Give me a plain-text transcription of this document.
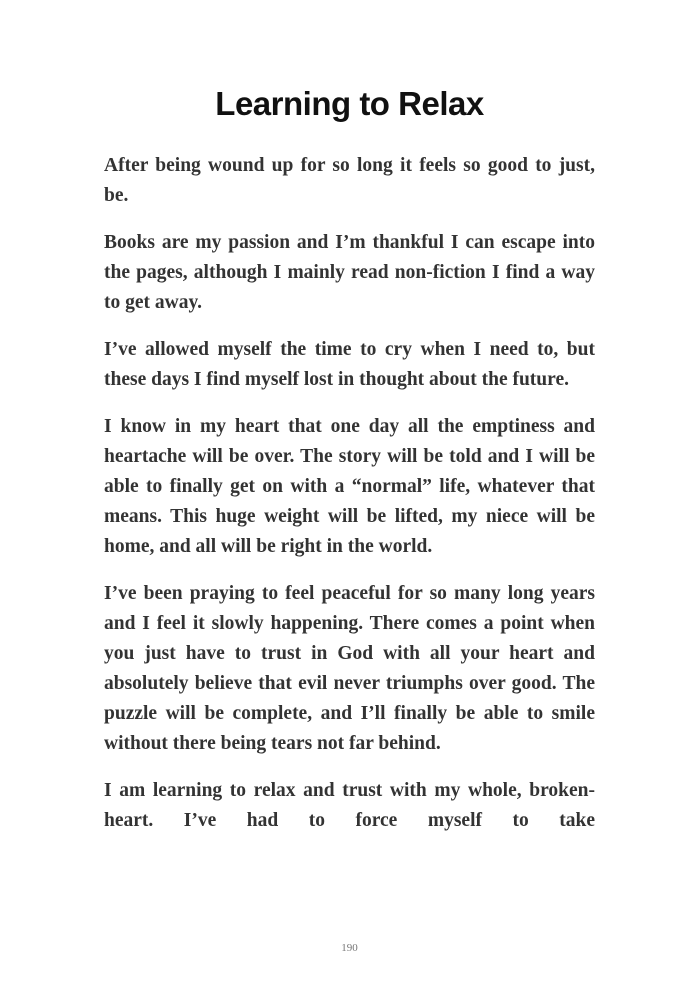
Learning to Relax

After being wound up for so long it feels so good to just, be.

Books are my passion and I’m thankful I can escape into the pages, although I mainly read non-fiction I find a way to get away.

I’ve allowed myself the time to cry when I need to, but these days I find myself lost in thought about the future.

I know in my heart that one day all the emptiness and heartache will be over. The story will be told and I will be able to finally get on with a “normal” life, whatever that means. This huge weight will be lifted, my niece will be home, and all will be right in the world.

I’ve been praying to feel peaceful for so many long years and I feel it slowly happening. There comes a point when you just have to trust in God with all your heart and absolutely believe that evil never triumphs over good. The puzzle will be complete, and I’ll finally be able to smile without there being tears not far behind.

I am learning to relax and trust with my whole, broken-heart. I’ve had to force myself to take

190
